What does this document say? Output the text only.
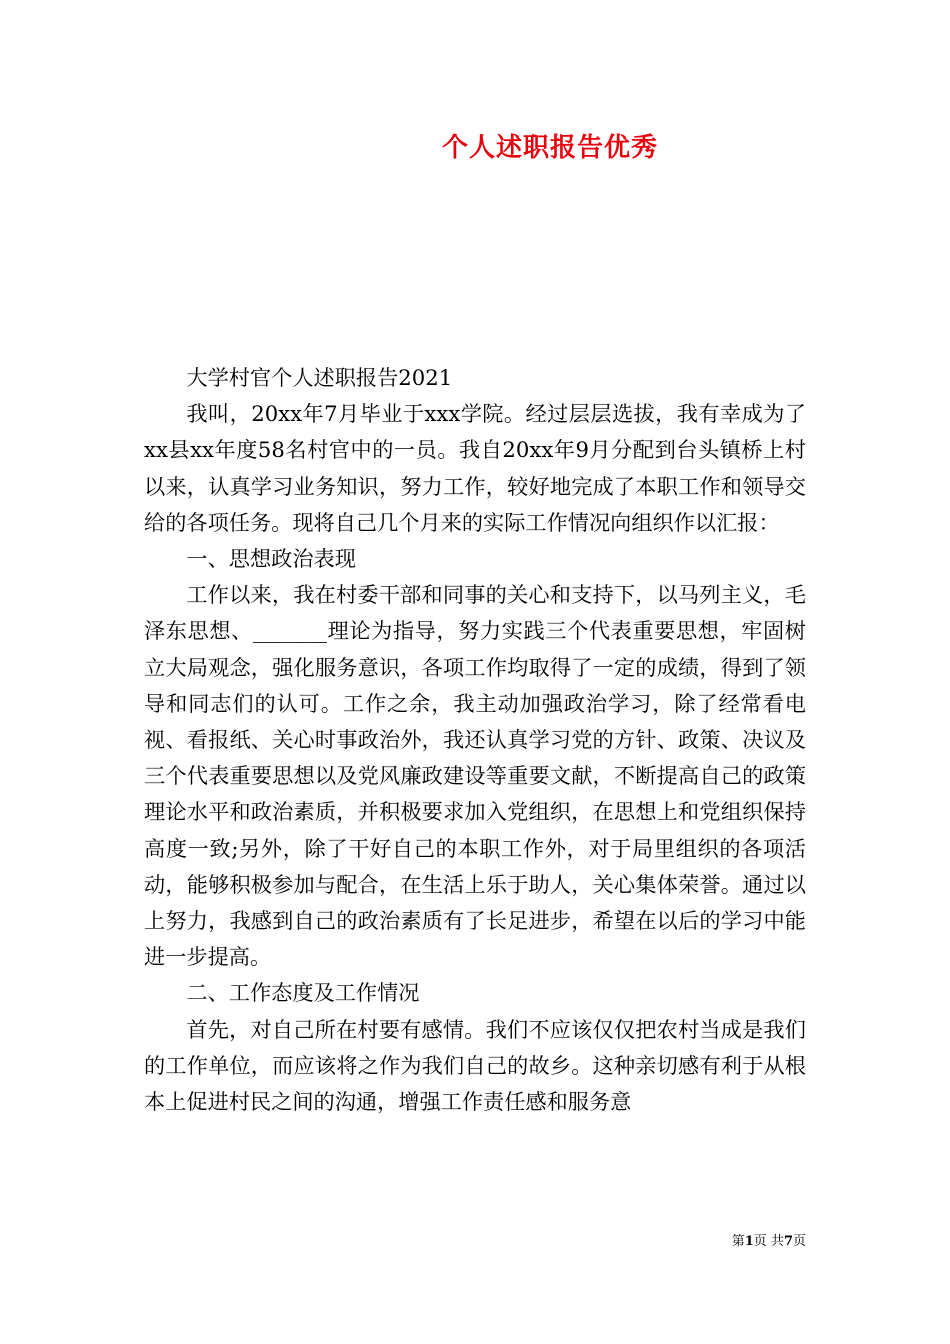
个人述职报告优秀

大学村官个人述职报告2021

我叫，20xx年7月毕业于xxx学院。经过层层选拔，我有幸成为了xx县xx年度58名村官中的一员。我自20xx年9月分配到台头镇桥上村以来，认真学习业务知识，努力工作，较好地完成了本职工作和领导交给的各项任务。现将自己几个月来的实际工作情况向组织作以汇报：

一、思想政治表现

工作以来，我在村委干部和同事的关心和支持下，以马列主义，毛泽东思想、_______理论为指导，努力实践三个代表重要思想，牢固树立大局观念，强化服务意识，各项工作均取得了一定的成绩，得到了领导和同志们的认可。工作之余，我主动加强政治学习，除了经常看电视、看报纸、关心时事政治外，我还认真学习党的方针、政策、决议及三个代表重要思想以及党风廉政建设等重要文献，不断提高自己的政策理论水平和政治素质，并积极要求加入党组织，在思想上和党组织保持高度一致;另外，除了干好自己的本职工作外，对于局里组织的各项活动，能够积极参加与配合，在生活上乐于助人，关心集体荣誉。通过以上努力，我感到自己的政治素质有了长足进步，希望在以后的学习中能进一步提高。

二、工作态度及工作情况

首先，对自己所在村要有感情。我们不应该仅仅把农村当成是我们的工作单位，而应该将之作为我们自己的故乡。这种亲切感有利于从根本上促进村民之间的沟通，增强工作责任感和服务意

第1页 共7页
